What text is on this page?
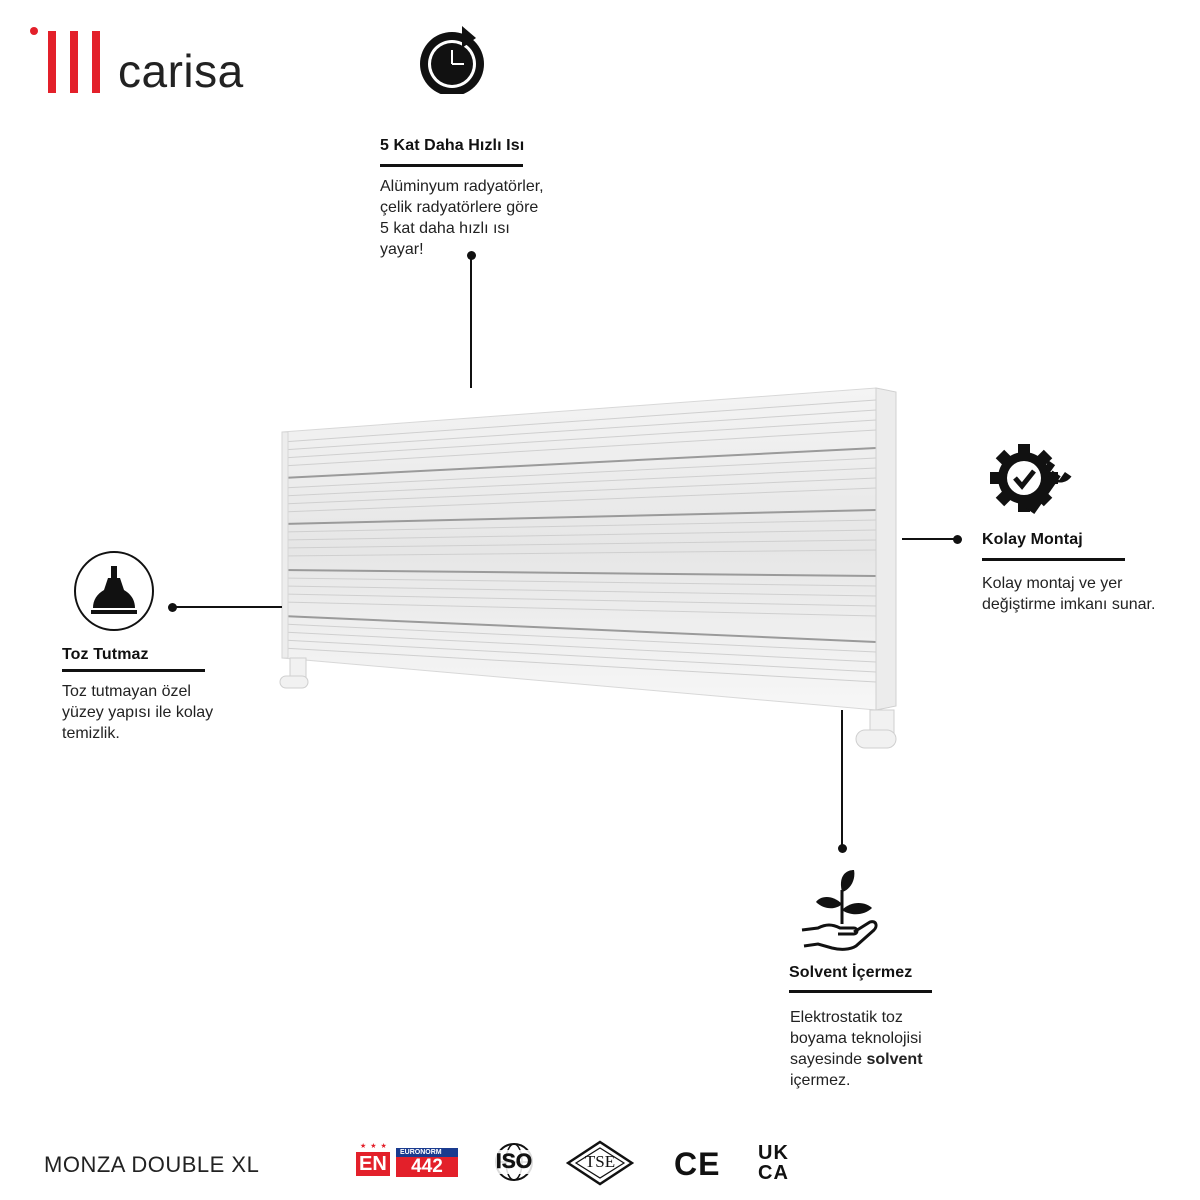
carisa
5 Kat Daha Hızlı Isı
Alüminyum radyatörler,
çelik radyatörlere göre
5 kat daha hızlı ısı
yayar!
Kolay Montaj
Kolay montaj ve yer
değiştirme imkanı sunar.
Toz Tutmaz
Toz tutmayan özel
yüzey yapısı ile kolay
temizlik.
Solvent İçermez
Elektrostatik toz
boyama teknolojisi
sayesinde solvent
içermez.
MONZA DOUBLE XL
★ ★ ★
EN
EURONORM
442	ISO	TSE	CE UK
CA
